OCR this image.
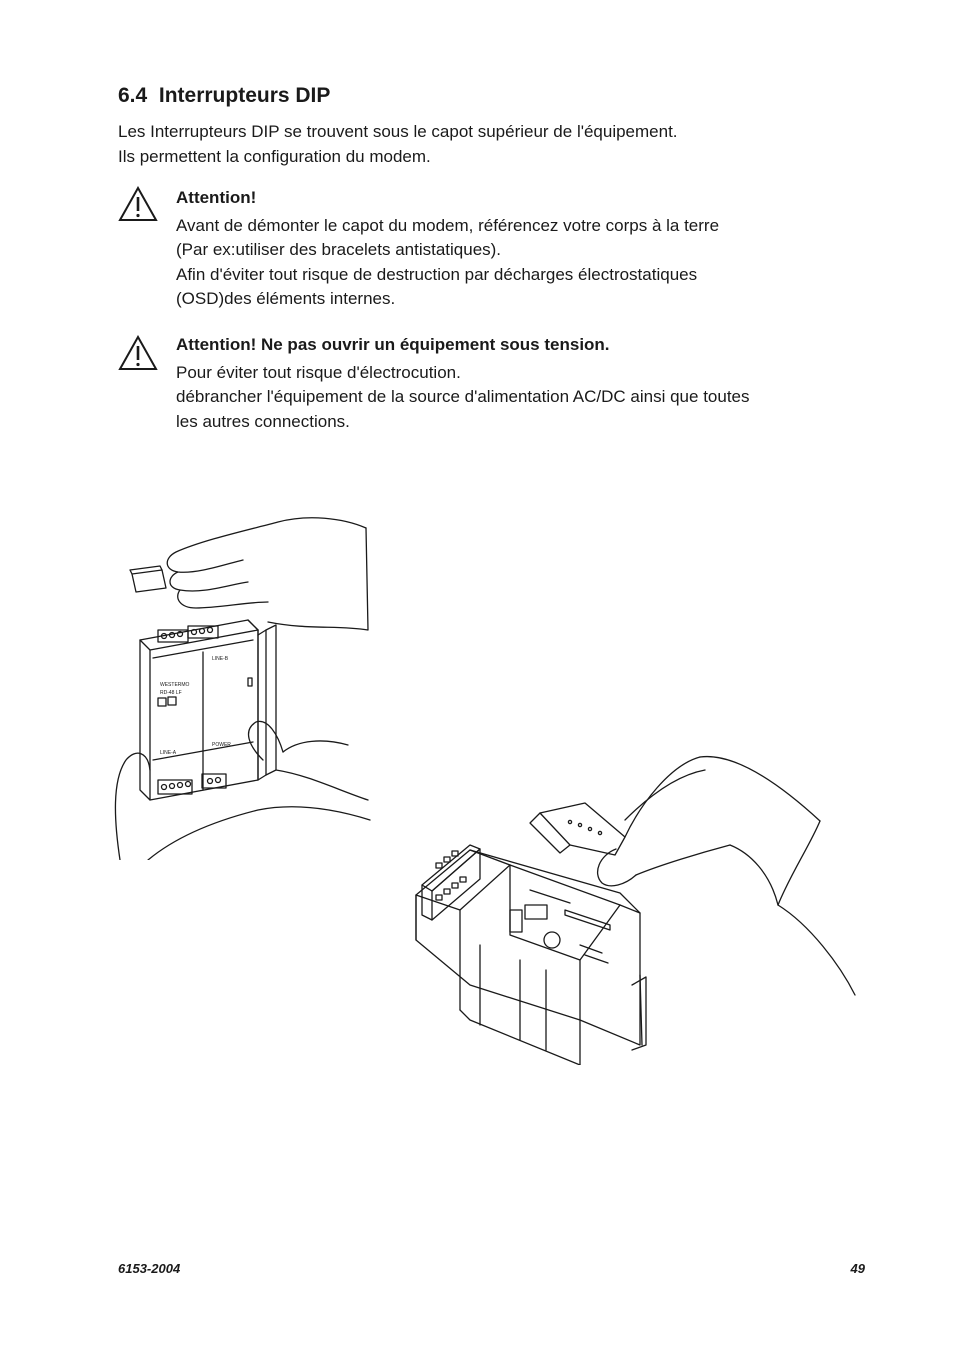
6.4 Interrupteurs DIP

Les Interrupteurs DIP se trouvent sous le capot supérieur de l'équipement.

Ils permettent la configuration du modem.

Attention!

Avant de démonter le capot du modem, référencez votre corps à la terre

(Par ex:utiliser des bracelets antistatiques).

Afin d'éviter tout risque de destruction par décharges électrostatiques

(OSD)des éléments internes.

Attention! Ne pas ouvrir un équipement sous tension.

Pour éviter tout risque d'électrocution.

débrancher l'équipement de la source d'alimentation AC/DC ainsi que toutes

les autres connections.

WESTERMO
RD-48 LF
LINE-B
LINE-A
POWER
6153-2004	49
